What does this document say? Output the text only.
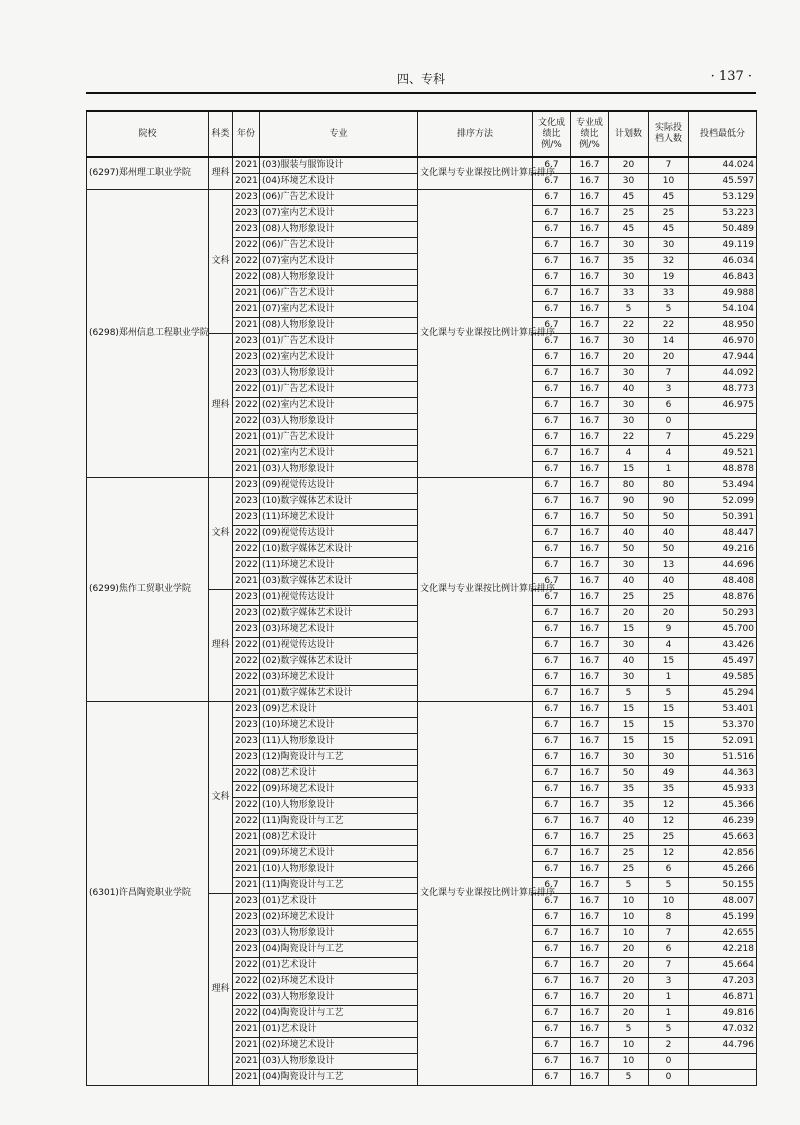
四、专科	· 137 ·
院校	科类	年份	专业	排序方法	文化成绩比例/%	专业成绩比例/%	计划数	实际投档人数	投档最低分
(6297)郑州理工职业学院	理科	2021	(03)服装与服饰设计	文化课与专业课按比例计算后排序	6.7	16.7	20	7	44.024
		2021	(04)环境艺术设计		6.7	16.7	30	10	45.597
(6298)郑州信息工程职业学院	文科	2023	(06)广告艺术设计	文化课与专业课按比例计算后排序	6.7	16.7	45	45	53.129
		2023	(07)室内艺术设计		6.7	16.7	25	25	53.223
		2023	(08)人物形象设计		6.7	16.7	45	45	50.489
		2022	(06)广告艺术设计		6.7	16.7	30	30	49.119
		2022	(07)室内艺术设计		6.7	16.7	35	32	46.034
		2022	(08)人物形象设计		6.7	16.7	30	19	46.843
		2021	(06)广告艺术设计		6.7	16.7	33	33	49.988
		2021	(07)室内艺术设计		6.7	16.7	5	5	54.104
		2021	(08)人物形象设计		6.7	16.7	22	22	48.950
	理科	2023	(01)广告艺术设计		6.7	16.7	30	14	46.970
		2023	(02)室内艺术设计		6.7	16.7	20	20	47.944
		2023	(03)人物形象设计		6.7	16.7	30	7	44.092
		2022	(01)广告艺术设计		6.7	16.7	40	3	48.773
		2022	(02)室内艺术设计		6.7	16.7	30	6	46.975
		2022	(03)人物形象设计		6.7	16.7	30	0	
		2021	(01)广告艺术设计		6.7	16.7	22	7	45.229
		2021	(02)室内艺术设计		6.7	16.7	4	4	49.521
		2021	(03)人物形象设计		6.7	16.7	15	1	48.878
(6299)焦作工贸职业学院	文科	2023	(09)视觉传达设计	文化课与专业课按比例计算后排序	6.7	16.7	80	80	53.494
		2023	(10)数字媒体艺术设计		6.7	16.7	90	90	52.099
		2023	(11)环境艺术设计		6.7	16.7	50	50	50.391
		2022	(09)视觉传达设计		6.7	16.7	40	40	48.447
		2022	(10)数字媒体艺术设计		6.7	16.7	50	50	49.216
		2022	(11)环境艺术设计		6.7	16.7	30	13	44.696
		2021	(03)数字媒体艺术设计		6.7	16.7	40	40	48.408
	理科	2023	(01)视觉传达设计		6.7	16.7	25	25	48.876
		2023	(02)数字媒体艺术设计		6.7	16.7	20	20	50.293
		2023	(03)环境艺术设计		6.7	16.7	15	9	45.700
		2022	(01)视觉传达设计		6.7	16.7	30	4	43.426
		2022	(02)数字媒体艺术设计		6.7	16.7	40	15	45.497
		2022	(03)环境艺术设计		6.7	16.7	30	1	49.585
		2021	(01)数字媒体艺术设计		6.7	16.7	5	5	45.294
(6301)许昌陶瓷职业学院	文科	2023	(09)艺术设计	文化课与专业课按比例计算后排序	6.7	16.7	15	15	53.401
		2023	(10)环境艺术设计		6.7	16.7	15	15	53.370
		2023	(11)人物形象设计		6.7	16.7	15	15	52.091
		2023	(12)陶瓷设计与工艺		6.7	16.7	30	30	51.516
		2022	(08)艺术设计		6.7	16.7	50	49	44.363
		2022	(09)环境艺术设计		6.7	16.7	35	35	45.933
		2022	(10)人物形象设计		6.7	16.7	35	12	45.366
		2022	(11)陶瓷设计与工艺		6.7	16.7	40	12	46.239
		2021	(08)艺术设计		6.7	16.7	25	25	45.663
		2021	(09)环境艺术设计		6.7	16.7	25	12	42.856
		2021	(10)人物形象设计		6.7	16.7	25	6	45.266
		2021	(11)陶瓷设计与工艺		6.7	16.7	5	5	50.155
	理科	2023	(01)艺术设计		6.7	16.7	10	10	48.007
		2023	(02)环境艺术设计		6.7	16.7	10	8	45.199
		2023	(03)人物形象设计		6.7	16.7	10	7	42.655
		2023	(04)陶瓷设计与工艺		6.7	16.7	20	6	42.218
		2022	(01)艺术设计		6.7	16.7	20	7	45.664
		2022	(02)环境艺术设计		6.7	16.7	20	3	47.203
		2022	(03)人物形象设计		6.7	16.7	20	1	46.871
		2022	(04)陶瓷设计与工艺		6.7	16.7	20	1	49.816
		2021	(01)艺术设计		6.7	16.7	5	5	47.032
		2021	(02)环境艺术设计		6.7	16.7	10	2	44.796
		2021	(03)人物形象设计		6.7	16.7	10	0	
		2021	(04)陶瓷设计与工艺		6.7	16.7	5	0	
